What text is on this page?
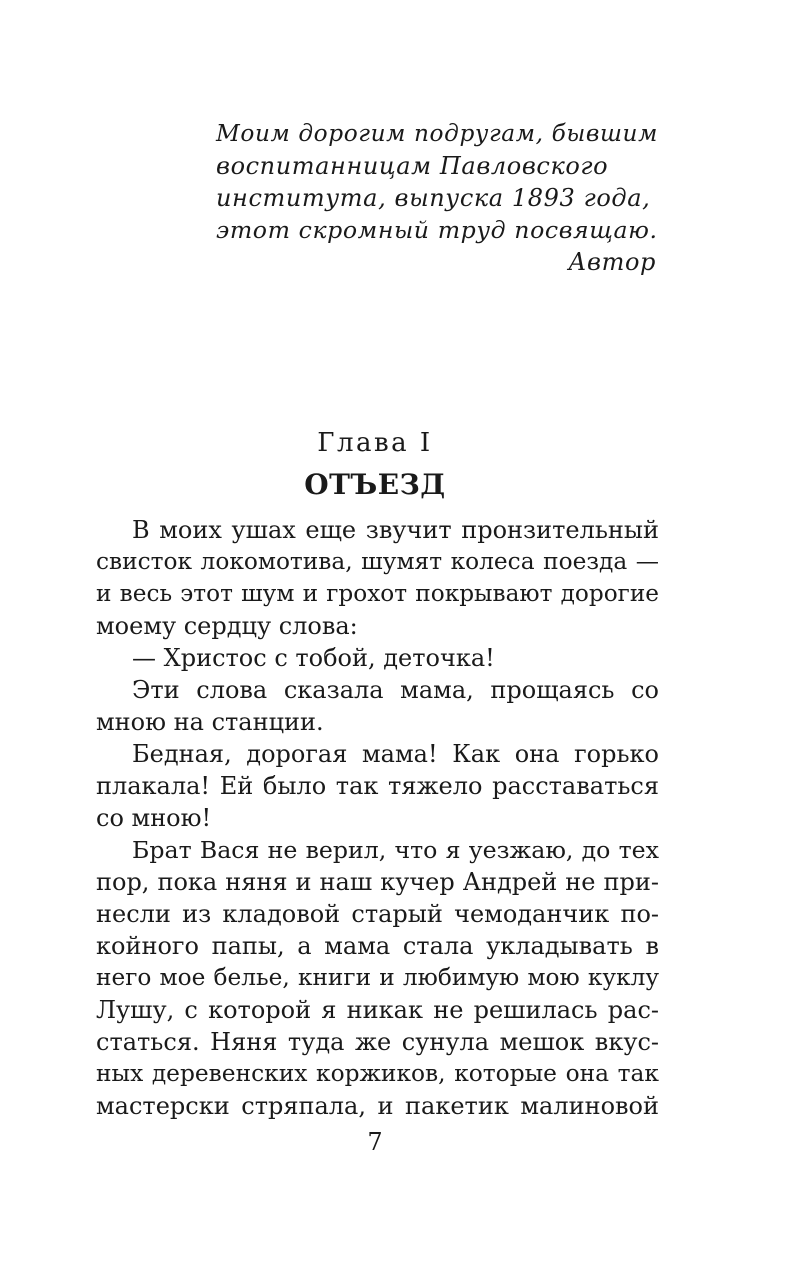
Моим дорогим подругам, бывшим
воспитанницам Павловского
института, выпуска 1893 года,
этот скромный труд посвящаю.
Автор
Глава I
ОТЪЕЗД
В моих ушах еще звучит пронзительный
свисток локомотива, шумят колеса поезда —
и весь этот шум и грохот покрывают дорогие
моему сердцу слова:
— Христос с тобой, деточка!
Эти слова сказала мама, прощаясь со
мною на станции.
Бедная, дорогая мама! Как она горько
плакала! Ей было так тяжело расставаться
со мною!
Брат Вася не верил, что я уезжаю, до тех
пор, пока няня и наш кучер Андрей не при-
несли из кладовой старый чемоданчик по-
койного папы, а мама стала укладывать в
него мое белье, книги и любимую мою куклу
Лушу, с которой я никак не решилась рас-
статься. Няня туда же сунула мешок вкус-
ных деревенских коржиков, которые она так
мастерски стряпала, и пакетик малиновой
7
